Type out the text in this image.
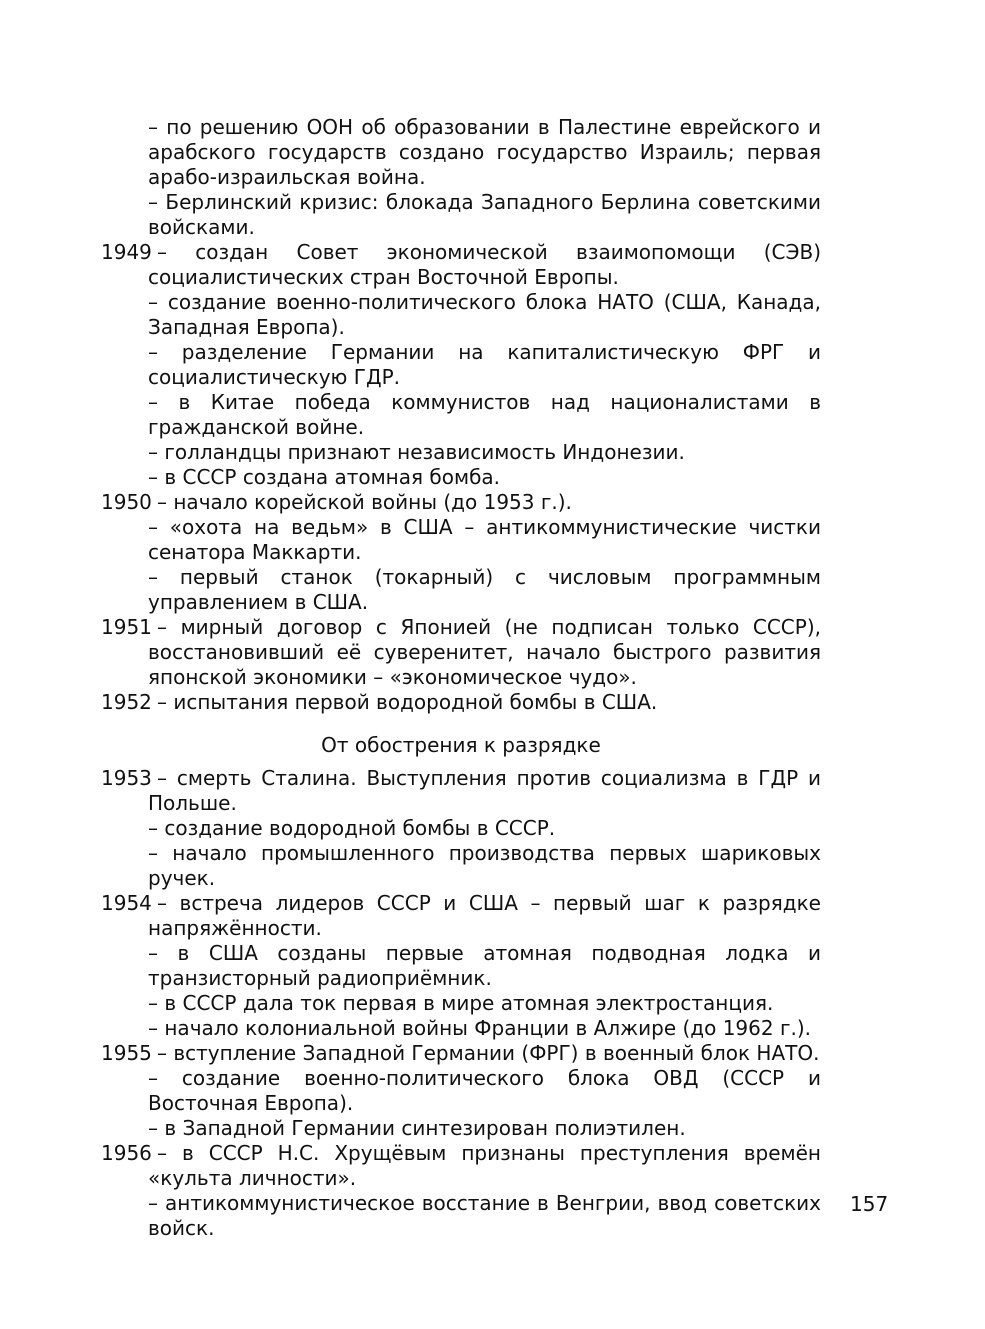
– по решению ООН об образовании в Палестине еврейского и арабского государств создано государство Израиль; первая арабо-израильская война.
– Берлинский кризис: блокада Западного Берлина советскими войсками.
1949 – создан Совет экономической взаимопомощи (СЭВ) социалистических стран Восточной Европы.
– создание военно-политического блока НАТО (США, Канада, Западная Европа).
– разделение Германии на капиталистическую ФРГ и социалистическую ГДР.
– в Китае победа коммунистов над националистами в гражданской войне.
– голландцы признают независимость Индонезии.
– в СССР создана атомная бомба.
1950 – начало корейской войны (до 1953 г.).
– «охота на ведьм» в США – антикоммунистические чистки сенатора Маккарти.
– первый станок (токарный) с числовым программным управлением в США.
1951 – мирный договор с Японией (не подписан только СССР), восстановивший её суверенитет, начало быстрого развития японской экономики – «экономическое чудо».
1952 – испытания первой водородной бомбы в США.
От обострения к разрядке
1953 – смерть Сталина. Выступления против социализма в ГДР и Польше.
– создание водородной бомбы в СССР.
– начало промышленного производства первых шариковых ручек.
1954 – встреча лидеров СССР и США – первый шаг к разрядке напряжённости.
– в США созданы первые атомная подводная лодка и транзисторный радиоприёмник.
– в СССР дала ток первая в мире атомная электростанция.
– начало колониальной войны Франции в Алжире (до 1962 г.).
1955 – вступление Западной Германии (ФРГ) в военный блок НАТО.
– создание военно-политического блока ОВД (СССР и Восточная Европа).
– в Западной Германии синтезирован полиэтилен.
1956 – в СССР Н.С. Хрущёвым признаны преступления времён «культа личности».
– антикоммунистическое восстание в Венгрии, ввод советских войск.
157
